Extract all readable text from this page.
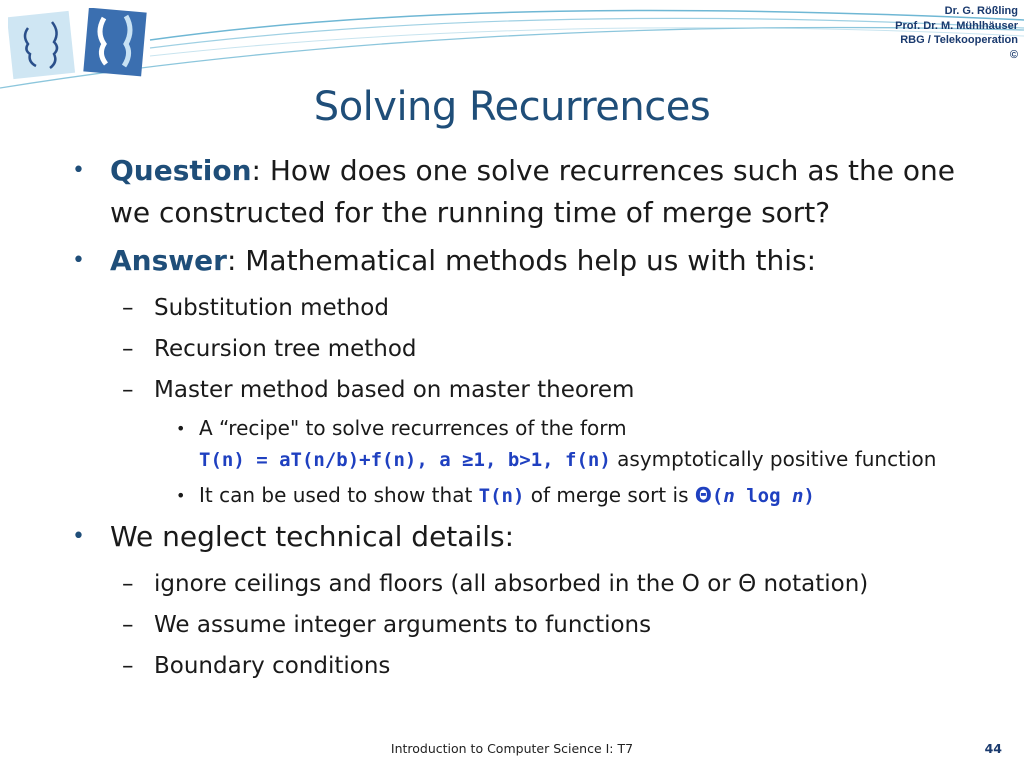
Dr. G. Rößling
Prof. Dr. M. Mühlhäuser
RBG / Telekooperation
©
Solving Recurrences
• Question: How does one solve recurrences such as the one we constructed for the running time of merge sort?
• Answer: Mathematical methods help us with this:
– Substitution method
– Recursion tree method
– Master method based on master theorem
• A “recipe" to solve recurrences of the form
T(n) = aT(n/b)+f(n), a ≥1, b>1, f(n) asymptotically positive function
• It can be used to show that T(n) of merge sort is Θ(n log n)
• We neglect technical details:
– ignore ceilings and floors (all absorbed in the O or Θ notation)
– We assume integer arguments to functions
– Boundary conditions
Introduction to Computer Science I: T7	44
